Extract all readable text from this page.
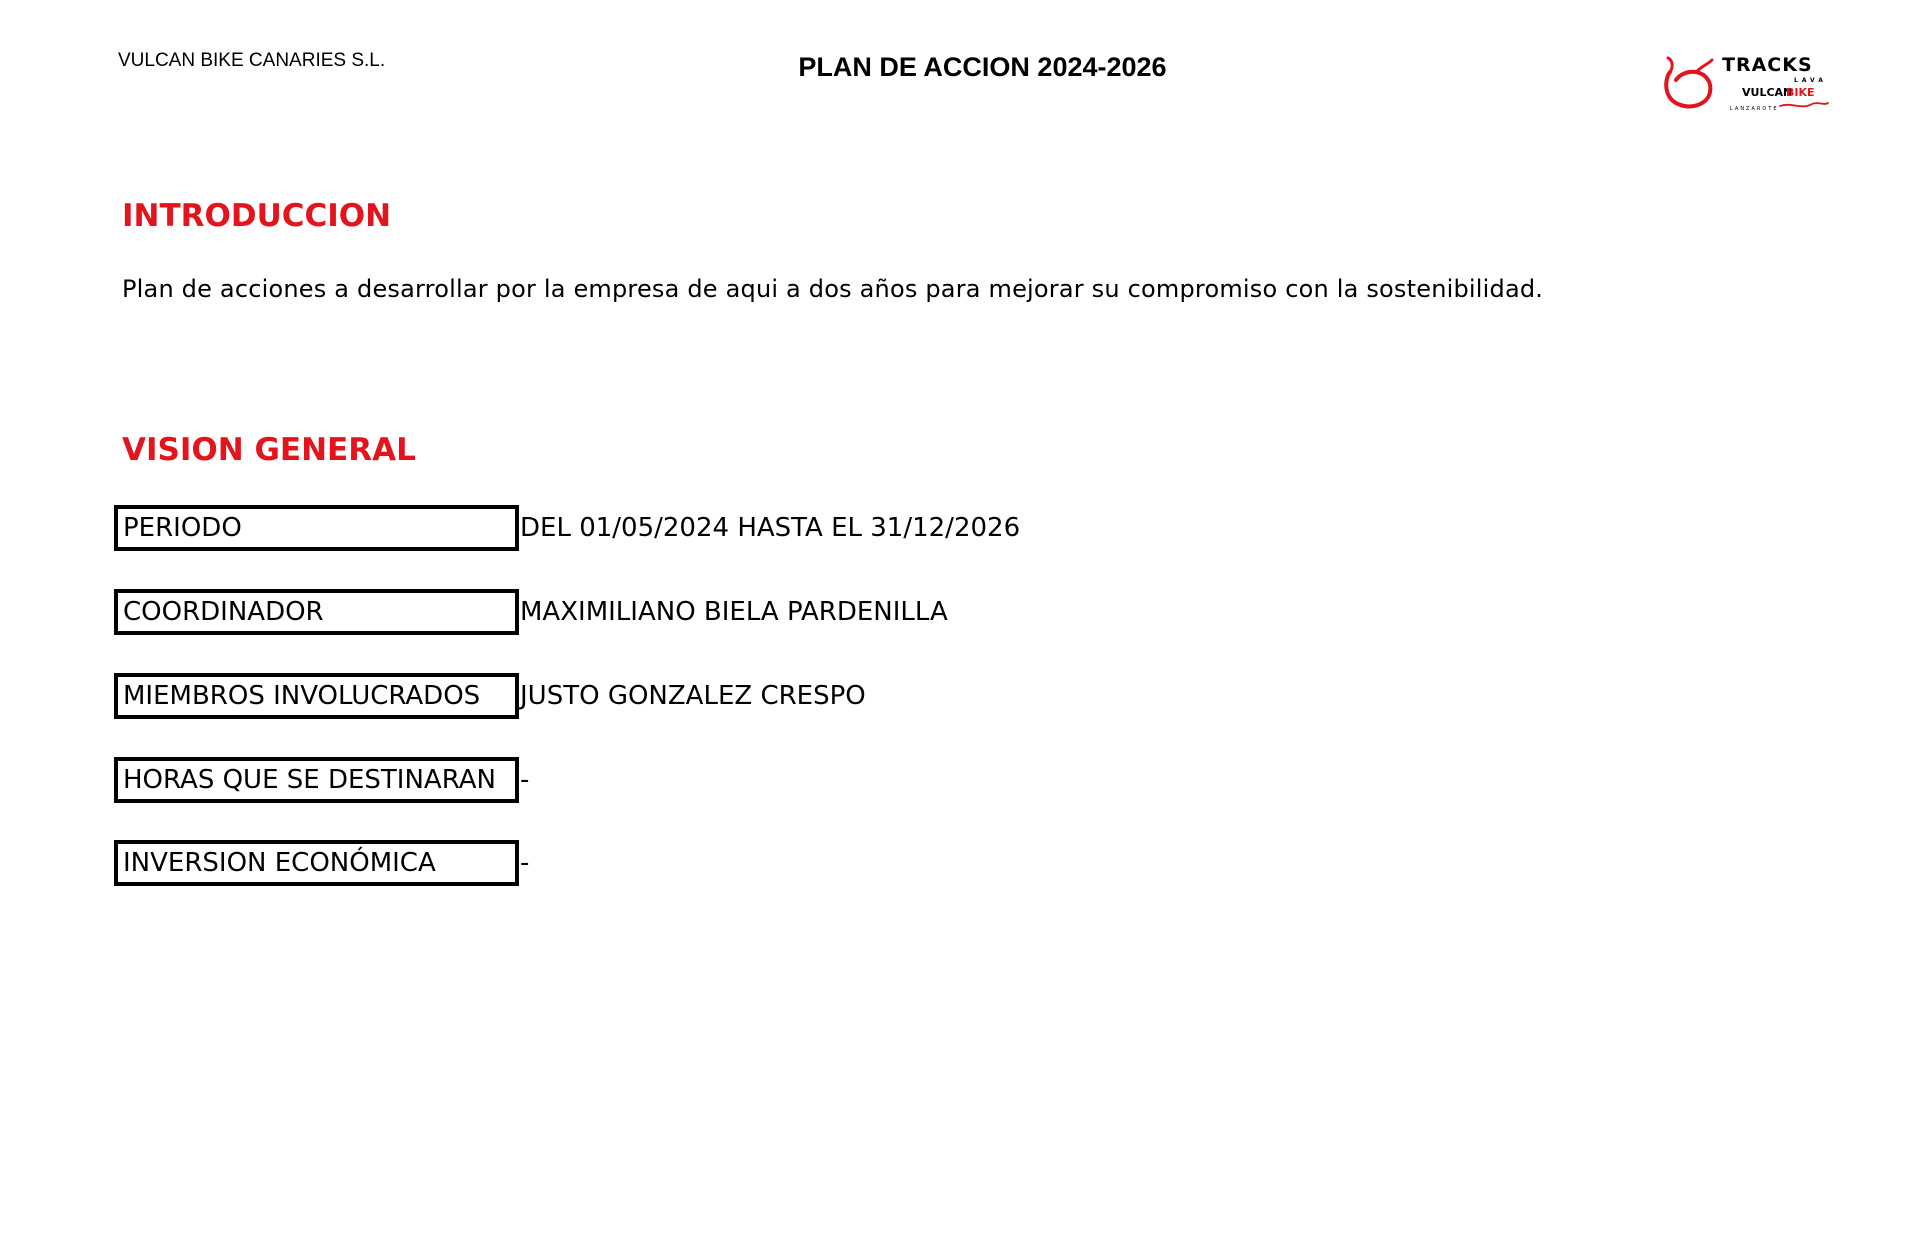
VULCAN BIKE CANARIES S.L.	PLAN DE ACCION 2024-2026	TRACKS
LAVA
VULCAN
BIKE
LANZAROTE
INTRODUCCION
Plan de acciones a desarrollar por la empresa de aqui a dos años para mejorar su compromiso con la sostenibilidad.
VISION GENERAL
PERIODO	DEL 01/05/2024 HASTA EL 31/12/2026
COORDINADOR	MAXIMILIANO BIELA PARDENILLA
MIEMBROS INVOLUCRADOS	JUSTO GONZALEZ CRESPO
HORAS QUE SE DESTINARAN -
INVERSION ECONÓMICA	-
